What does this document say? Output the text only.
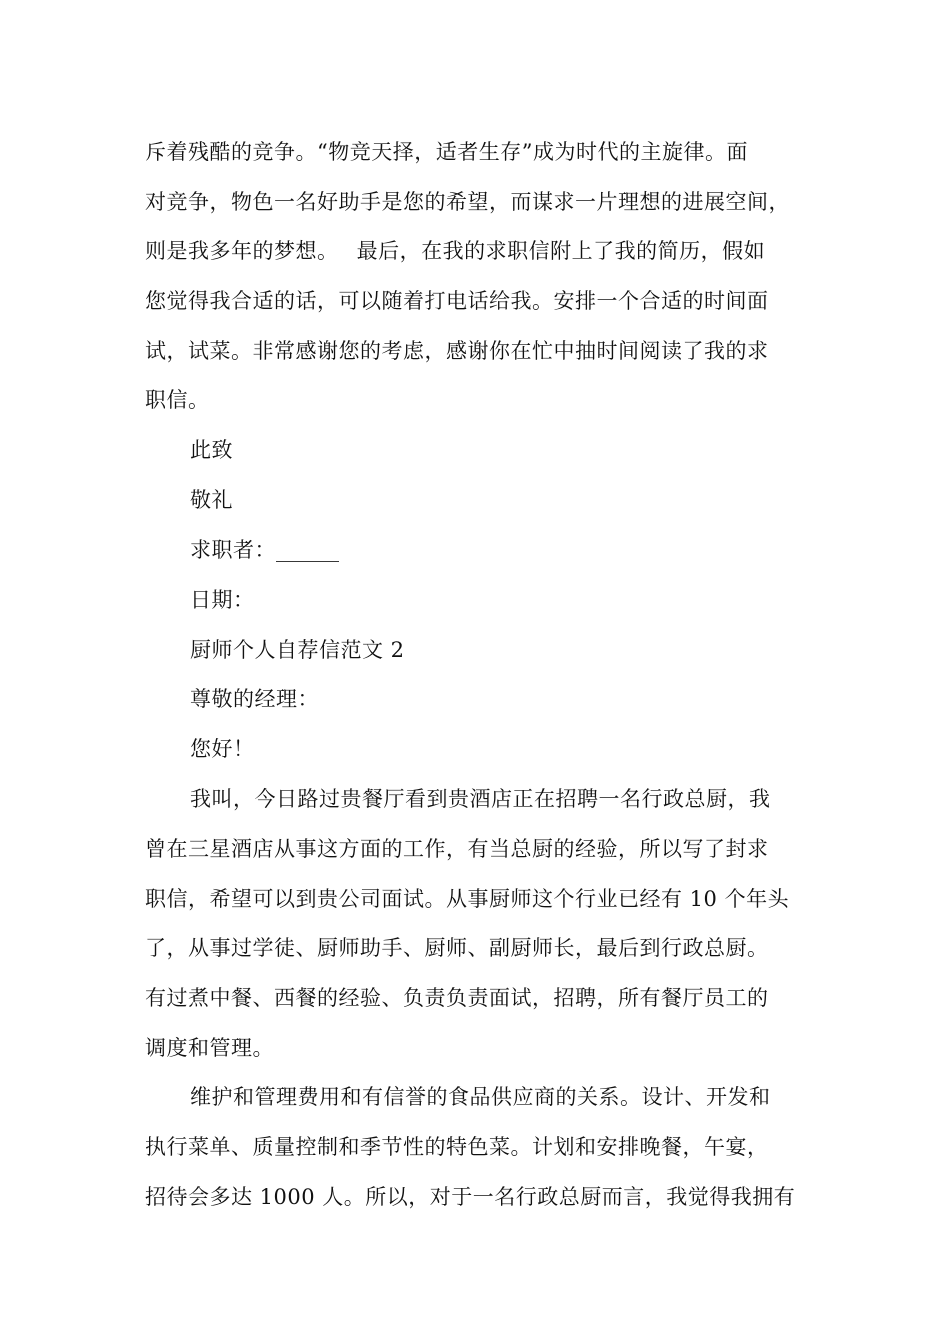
斥着残酷的竞争。“物竞天择，适者生存”成为时代的主旋律。面
对竞争，物色一名好助手是您的希望，而谋求一片理想的进展空间，
则是我多年的梦想。　 最后，在我的求职信附上了我的简历，假如
您觉得我合适的话，可以随着打电话给我。安排一个合适的时间面
试，试菜。非常感谢您的考虑，感谢你在忙中抽时间阅读了我的求
职信。
此致
敬礼
求职者：______
日期：
厨师个人自荐信范文 2
尊敬的经理：
您好！
我叫，今日路过贵餐厅看到贵酒店正在招聘一名行政总厨，我
曾在三星酒店从事这方面的工作，有当总厨的经验，所以写了封求
职信，希望可以到贵公司面试。从事厨师这个行业已经有 10 个年头
了，从事过学徒、厨师助手、厨师、副厨师长，最后到行政总厨。
有过煮中餐、西餐的经验、负责负责面试，招聘，所有餐厅员工的
调度和管理。
维护和管理费用和有信誉的食品供应商的关系。设计、开发和
执行菜单、质量控制和季节性的特色菜。计划和安排晚餐，午宴，
招待会多达 1000 人。所以，对于一名行政总厨而言，我觉得我拥有
